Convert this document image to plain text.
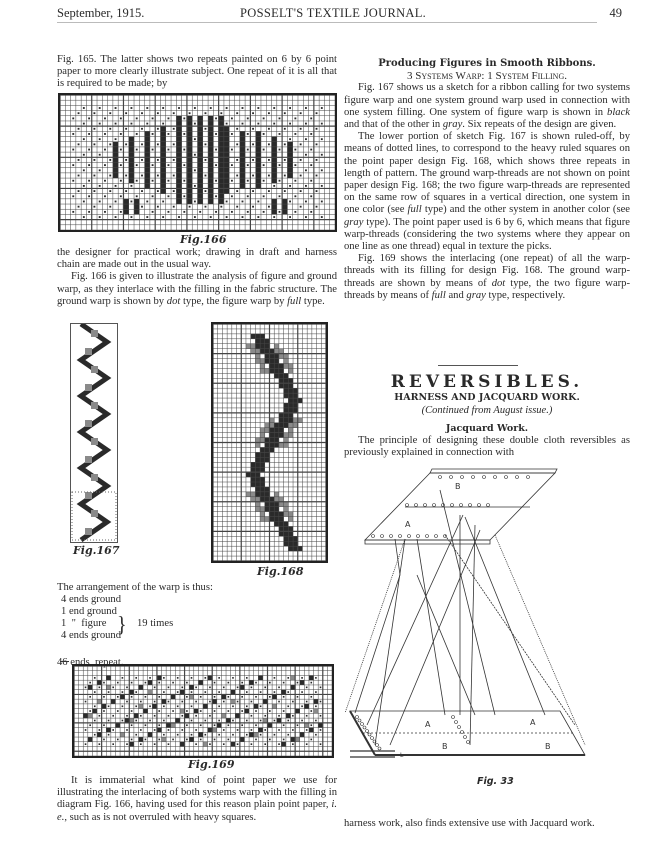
September, 1915.	POSSELT'S TEXTILE JOURNAL.	49

Fig. 165. The latter shows two repeats painted on 6 by 6 point paper to more clearly illustrate subject. One repeat of it is all that is required to be made; by

Fig.166

the designer for practical work; drawing in draft and harness chain are made out in the usual way.

Fig. 166 is given to illustrate the analysis of figure and ground warp, as they interlace with the filling in the fabric structure. The ground warp is shown by dot type, the figure warp by full type.

Fig.167
Fig.168
The arrangement of the warp is thus:
4 ends ground
1 end ground
1  "  figure
4 ends ground
46 ends, repeat.
} 19 times
Fig.169

It is immaterial what kind of point paper we use for illustrating the interlacing of both systems warp with the filling in diagram Fig. 166, having used for this reason plain point paper, i. e., such as is not overruled with heavy squares.

Producing Figures in Smooth Ribbons.

3 Systems Warp: 1 System Filling.

Fig. 167 shows us a sketch for a ribbon calling for two systems figure warp and one system ground warp used in connection with one system filling. One system of figure warp is shown in black and that of the other in gray. Six repeats of the design are given.

The lower portion of sketch Fig. 167 is shown ruled-off, by means of dotted lines, to correspond to the heavy ruled squares on the point paper design Fig. 168, which shows three repeats in length of pattern. The ground warp-threads are not shown on point paper design Fig. 168; the two figure warp-threads are represented on the same row of squares in a vertical direction, one system in one color (see full type) and the other system in another color (see gray type). The point paper used is 6 by 6, which means that figure warp-threads (considering the two systems where they appear on one line as one thread) equal in texture the picks.

Fig. 169 shows the interlacing (one repeat) of all the warp-threads with its filling for design Fig. 168. The ground warp-threads are shown by means of dot type, the two figure warp-threads by means of full and gray type, respectively.

REVERSIBLES.
HARNESS AND JACQUARD WORK.
(Continued from August issue.)
Jacquard Work.
The principle of designing these double cloth reversibles as previously explained in connection with
B
A
A	A
B	B
L
Fig. 33

harness work, also finds extensive use with Jacquard work.
